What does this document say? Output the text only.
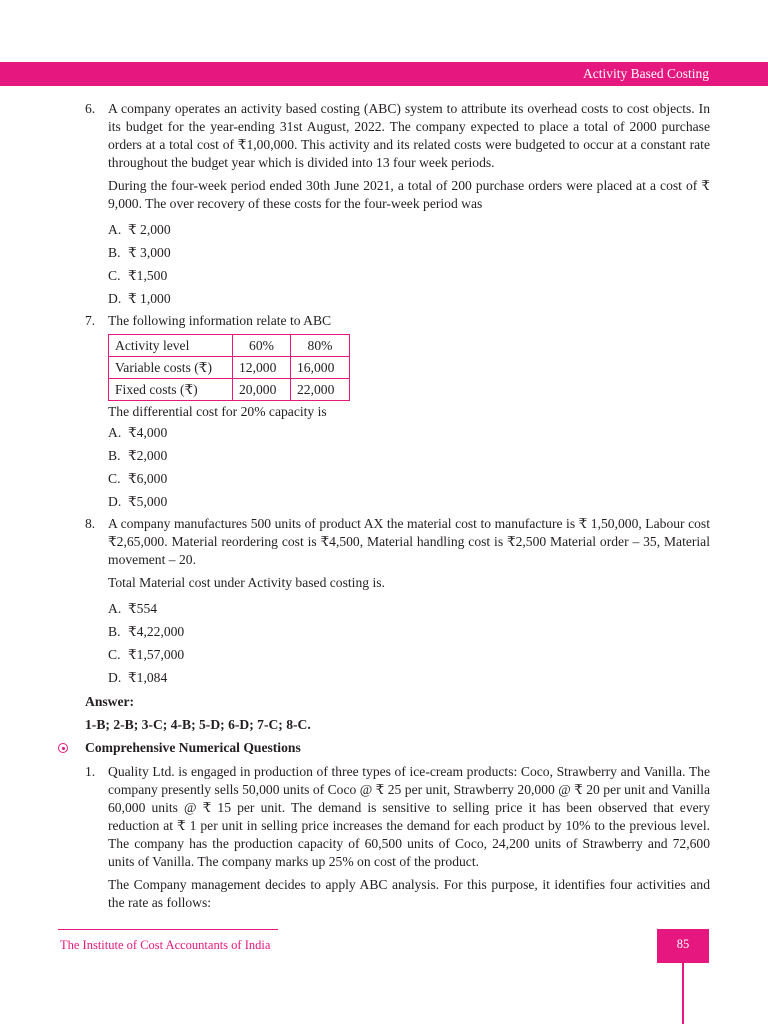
Activity Based Costing
6. A company operates an activity based costing (ABC) system to attribute its overhead costs to cost objects. In its budget for the year-ending 31st August, 2022. The company expected to place a total of 2000 purchase orders at a total cost of ₹1,00,000. This activity and its related costs were budgeted to occur at a constant rate throughout the budget year which is divided into 13 four week periods.

During the four-week period ended 30th June 2021, a total of 200 purchase orders were placed at a cost of ₹ 9,000. The over recovery of these costs for the four-week period was

A. ₹ 2,000
B. ₹ 3,000
C. ₹1,500
D. ₹ 1,000
7. The following information relate to ABC

Activity level	60%	80%
Variable costs (₹)	12,000	16,000
Fixed costs (₹)	20,000	22,000

The differential cost for 20% capacity is

A. ₹4,000
B. ₹2,000
C. ₹6,000
D. ₹5,000
8. A company manufactures 500 units of product AX the material cost to manufacture is ₹ 1,50,000, Labour cost ₹2,65,000. Material reordering cost is ₹4,500, Material handling cost is ₹2,500 Material order – 35, Material movement – 20.

Total Material cost under Activity based costing is.

A. ₹554
B. ₹4,22,000
C. ₹1,57,000
D. ₹1,084
Answer:
1-B; 2-B; 3-C; 4-B; 5-D; 6-D; 7-C; 8-C.
Comprehensive Numerical Questions
1. Quality Ltd. is engaged in production of three types of ice-cream products: Coco, Strawberry and Vanilla. The company presently sells 50,000 units of Coco @ ₹ 25 per unit, Strawberry 20,000 @ ₹ 20 per unit and Vanilla 60,000 units @ ₹ 15 per unit. The demand is sensitive to selling price it has been observed that every reduction at ₹ 1 per unit in selling price increases the demand for each product by 10% to the previous level. The company has the production capacity of 60,500 units of Coco, 24,200 units of Strawberry and 72,600 units of Vanilla. The company marks up 25% on cost of the product.

The Company management decides to apply ABC analysis. For this purpose, it identifies four activities and the rate as follows:

The Institute of Cost Accountants of India	85
